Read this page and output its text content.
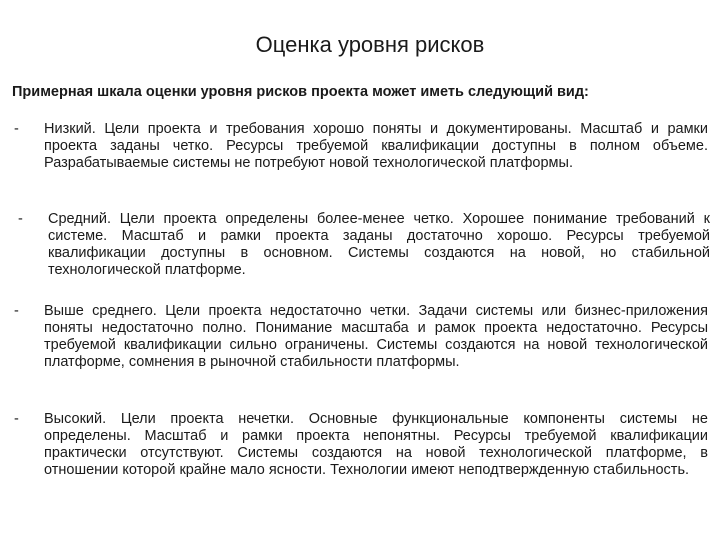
Оценка уровня рисков

Примерная шкала оценки уровня рисков проекта может иметь следующий вид:

- Низкий. Цели проекта и требования хорошо поняты и документированы. Масштаб и рамки проекта заданы четко. Ресурсы требуемой квалификации доступны в полном объеме. Разрабатываемые системы не потребуют новой технологической платформы.
- Средний. Цели проекта определены более-менее четко. Хорошее понимание требований к системе. Масштаб и рамки проекта заданы достаточно хорошо. Ресурсы требуемой квалификации доступны в основном. Системы создаются на новой, но стабильной технологической платформе.
- Выше среднего. Цели проекта недостаточно четки. Задачи системы или бизнес-приложения поняты недостаточно полно. Понимание масштаба и рамок проекта недостаточно. Ресурсы требуемой квалификации сильно ограничены. Системы создаются на новой технологической платформе, сомнения в рыночной стабильности платформы.
- Высокий. Цели проекта нечетки. Основные функциональные компоненты системы не определены. Масштаб и рамки проекта непонятны. Ресурсы требуемой квалификации практически отсутствуют. Системы создаются на новой технологической платформе, в отношении которой крайне мало ясности. Технологии имеют неподтвержденную стабильность.
